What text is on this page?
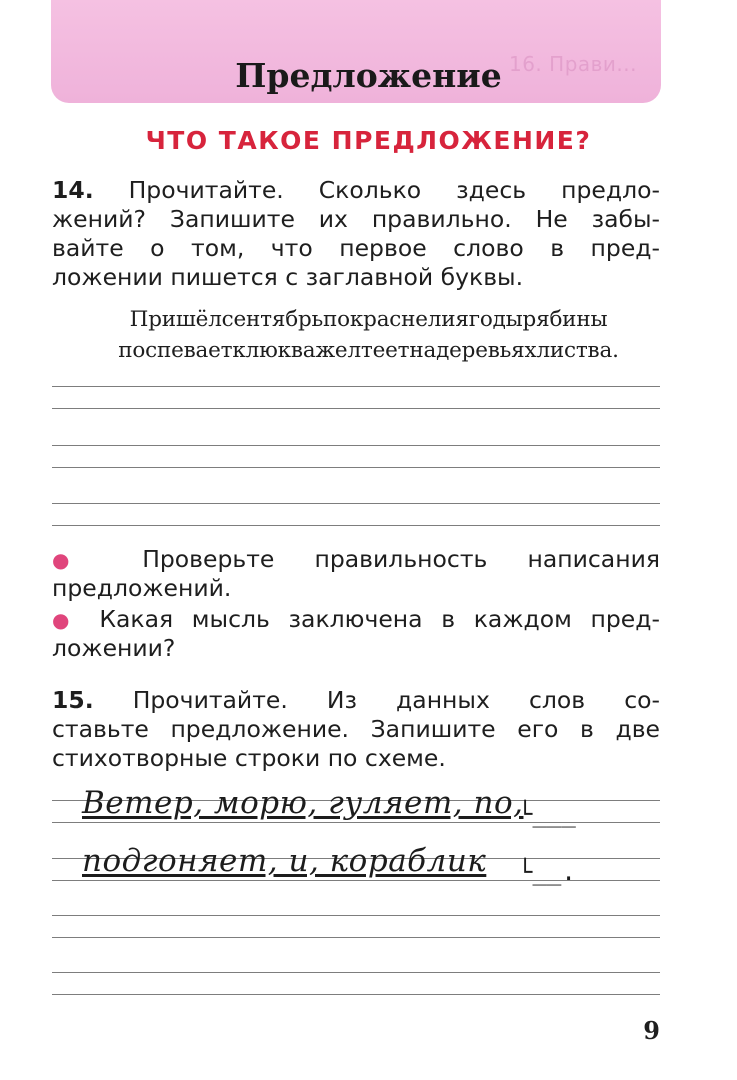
16. Прави...
Предложение
ЧТО ТАКОЕ ПРЕДЛОЖЕНИЕ?
14. Прочитайте. Сколько здесь предло-
жений? Запишите их правильно. Не забы-
вайте о том, что первое слово в пред-
ложении пишется с заглавной буквы.
Пришёлсентябрьпокраснелиягодырябины
поспеваетклюкважелтеетнадеревьяхлиства.
● Проверьте правильность написания
предложений.
● Какая мысль заключена в каждом пред-
ложении?
15. Прочитайте. Из данных слов со-
ставьте предложение. Запишите его в две
стихотворные строки по схеме.
Ветер, морю, гуляет, по,
└___
подгоняет, и, кораблик └__.
9
